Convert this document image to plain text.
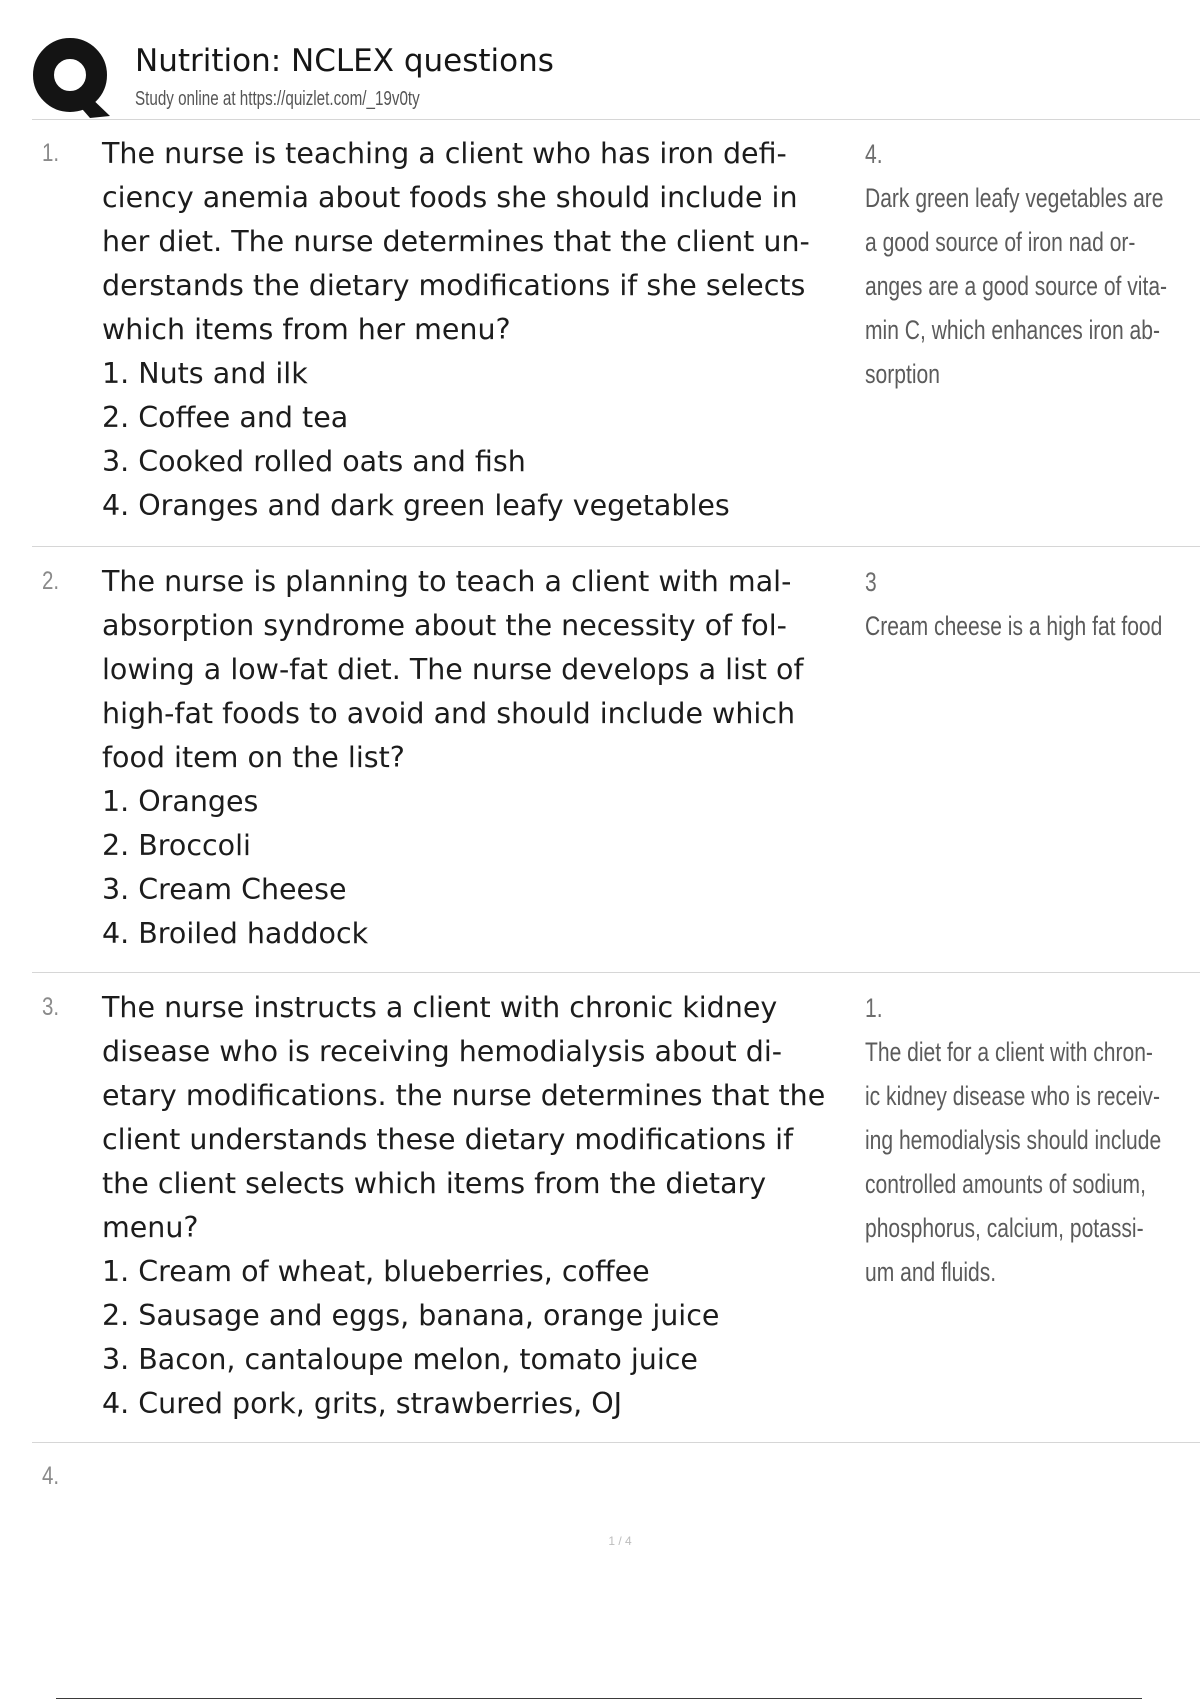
Nutrition: NCLEX questions
Study online at https://quizlet.com/_19v0ty
1. The nurse is teaching a client who has iron defi-
ciency anemia about foods she should include in
her diet. The nurse determines that the client un-
derstands the dietary modifications if she selects
which items from her menu?
1. Nuts and ilk
2. Coffee and tea
3. Cooked rolled oats and fish
4. Oranges and dark green leafy vegetables
4.
Dark green leafy vegetables are
a good source of iron nad or-
anges are a good source of vita-
min C, which enhances iron ab-
sorption
2. The nurse is planning to teach a client with mal-
absorption syndrome about the necessity of fol-
lowing a low-fat diet. The nurse develops a list of
high-fat foods to avoid and should include which
food item on the list?
1. Oranges
2. Broccoli
3. Cream Cheese
4. Broiled haddock
3
Cream cheese is a high fat food
3. The nurse instructs a client with chronic kidney
disease who is receiving hemodialysis about di-
etary modifications. the nurse determines that the
client understands these dietary modifications if
the client selects which items from the dietary
menu?
1. Cream of wheat, blueberries, coffee
2. Sausage and eggs, banana, orange juice
3. Bacon, cantaloupe melon, tomato juice
4. Cured pork, grits, strawberries, OJ
1.
The diet for a client with chron-
ic kidney disease who is receiv-
ing hemodialysis should include
controlled amounts of sodium,
phosphorus, calcium, potassi-
um and fluids.
4.
1 / 4
